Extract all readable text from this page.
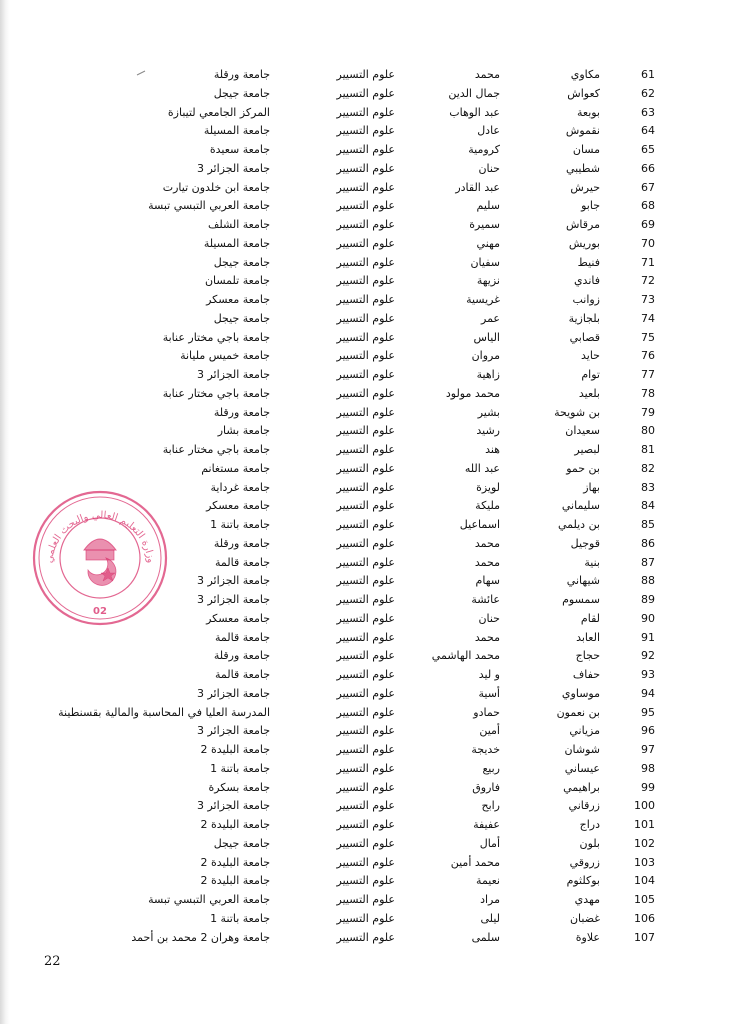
61
مكاوي
محمد
علوم التسيير
جامعة ورقلة
62
كعواش
جمال الدين
علوم التسيير
جامعة جيجل
63
بوبعة
عبد الوهاب
علوم التسيير
المركز الجامعي لتيبازة
64
نقموش
عادل
علوم التسيير
جامعة المسيلة
65
مسان
كرومية
علوم التسيير
جامعة سعيدة
66
شطيبي
حنان
علوم التسيير
جامعة الجزائر 3
67
حيرش
عبد القادر
علوم التسيير
جامعة ابن خلدون تيارت
68
جابو
سليم
علوم التسيير
جامعة العربي التبسي تبسة
69
مرقاش
سميرة
علوم التسيير
جامعة الشلف
70
بوريش
مهني
علوم التسيير
جامعة المسيلة
71
فنيط
سفيان
علوم التسيير
جامعة جيجل
72
فاندي
نزيهة
علوم التسيير
جامعة تلمسان
73
زوانب
غريسية
علوم التسيير
جامعة معسكر
74
بلجازية
عمر
علوم التسيير
جامعة جيجل
75
قصابي
الياس
علوم التسيير
جامعة باجي مختار عنابة
76
حايد
مروان
علوم التسيير
جامعة خميس مليانة
77
توام
زاهية
علوم التسيير
جامعة الجزائر 3
78
بلعيد
محمد مولود
علوم التسيير
جامعة باجي مختار عنابة
79
بن شويحة
بشير
علوم التسيير
جامعة ورقلة
80
سعيدان
رشيد
علوم التسيير
جامعة بشار
81
لبصير
هند
علوم التسيير
جامعة باجي مختار عنابة
82
بن حمو
عبد الله
علوم التسيير
جامعة مستغانم
83
بهاز
لويزة
علوم التسيير
جامعة غرداية
84
سليماني
مليكة
علوم التسيير
جامعة معسكر
85
بن ديلمي
اسماعيل
علوم التسيير
جامعة باتنة 1
86
قوجيل
محمد
علوم التسيير
جامعة ورقلة
87
بنية
محمد
علوم التسيير
جامعة قالمة
88
شيهاني
سهام
علوم التسيير
جامعة الجزائر 3
89
سمسوم
عائشة
علوم التسيير
جامعة الجزائر 3
90
لقام
حنان
علوم التسيير
جامعة معسكر
91
العابد
محمد
علوم التسيير
جامعة قالمة
92
حجاج
محمد الهاشمي
علوم التسيير
جامعة ورقلة
93
حفاف
و ليد
علوم التسيير
جامعة قالمة
94
موساوي
أسية
علوم التسيير
جامعة الجزائر 3
95
بن نعمون
حمادو
علوم التسيير
المدرسة العليا في المحاسبة والمالية بقسنطينة
96
مزياني
أمين
علوم التسيير
جامعة الجزائر 3
97
شوشان
خديجة
علوم التسيير
جامعة البليدة 2
98
عيساني
ربيع
علوم التسيير
جامعة باتنة 1
99
براهيمي
فاروق
علوم التسيير
جامعة بسكرة
100
زرقاني
رابح
علوم التسيير
جامعة الجزائر 3
101
دراج
عفيفة
علوم التسيير
جامعة البليدة 2
102
بلون
أمال
علوم التسيير
جامعة جيجل
103
زروقي
محمد أمين
علوم التسيير
جامعة البليدة 2
104
بوكلثوم
نعيمة
علوم التسيير
جامعة البليدة 2
105
مهدي
مراد
علوم التسيير
جامعة العربي التبسي تبسة
106
غضبان
ليلى
علوم التسيير
جامعة باتنة 1
107
علاوة
سلمى
علوم التسيير
جامعة وهران 2 محمد بن أحمد
وزارة التعليم العالي والبحث العلمي
02
22
